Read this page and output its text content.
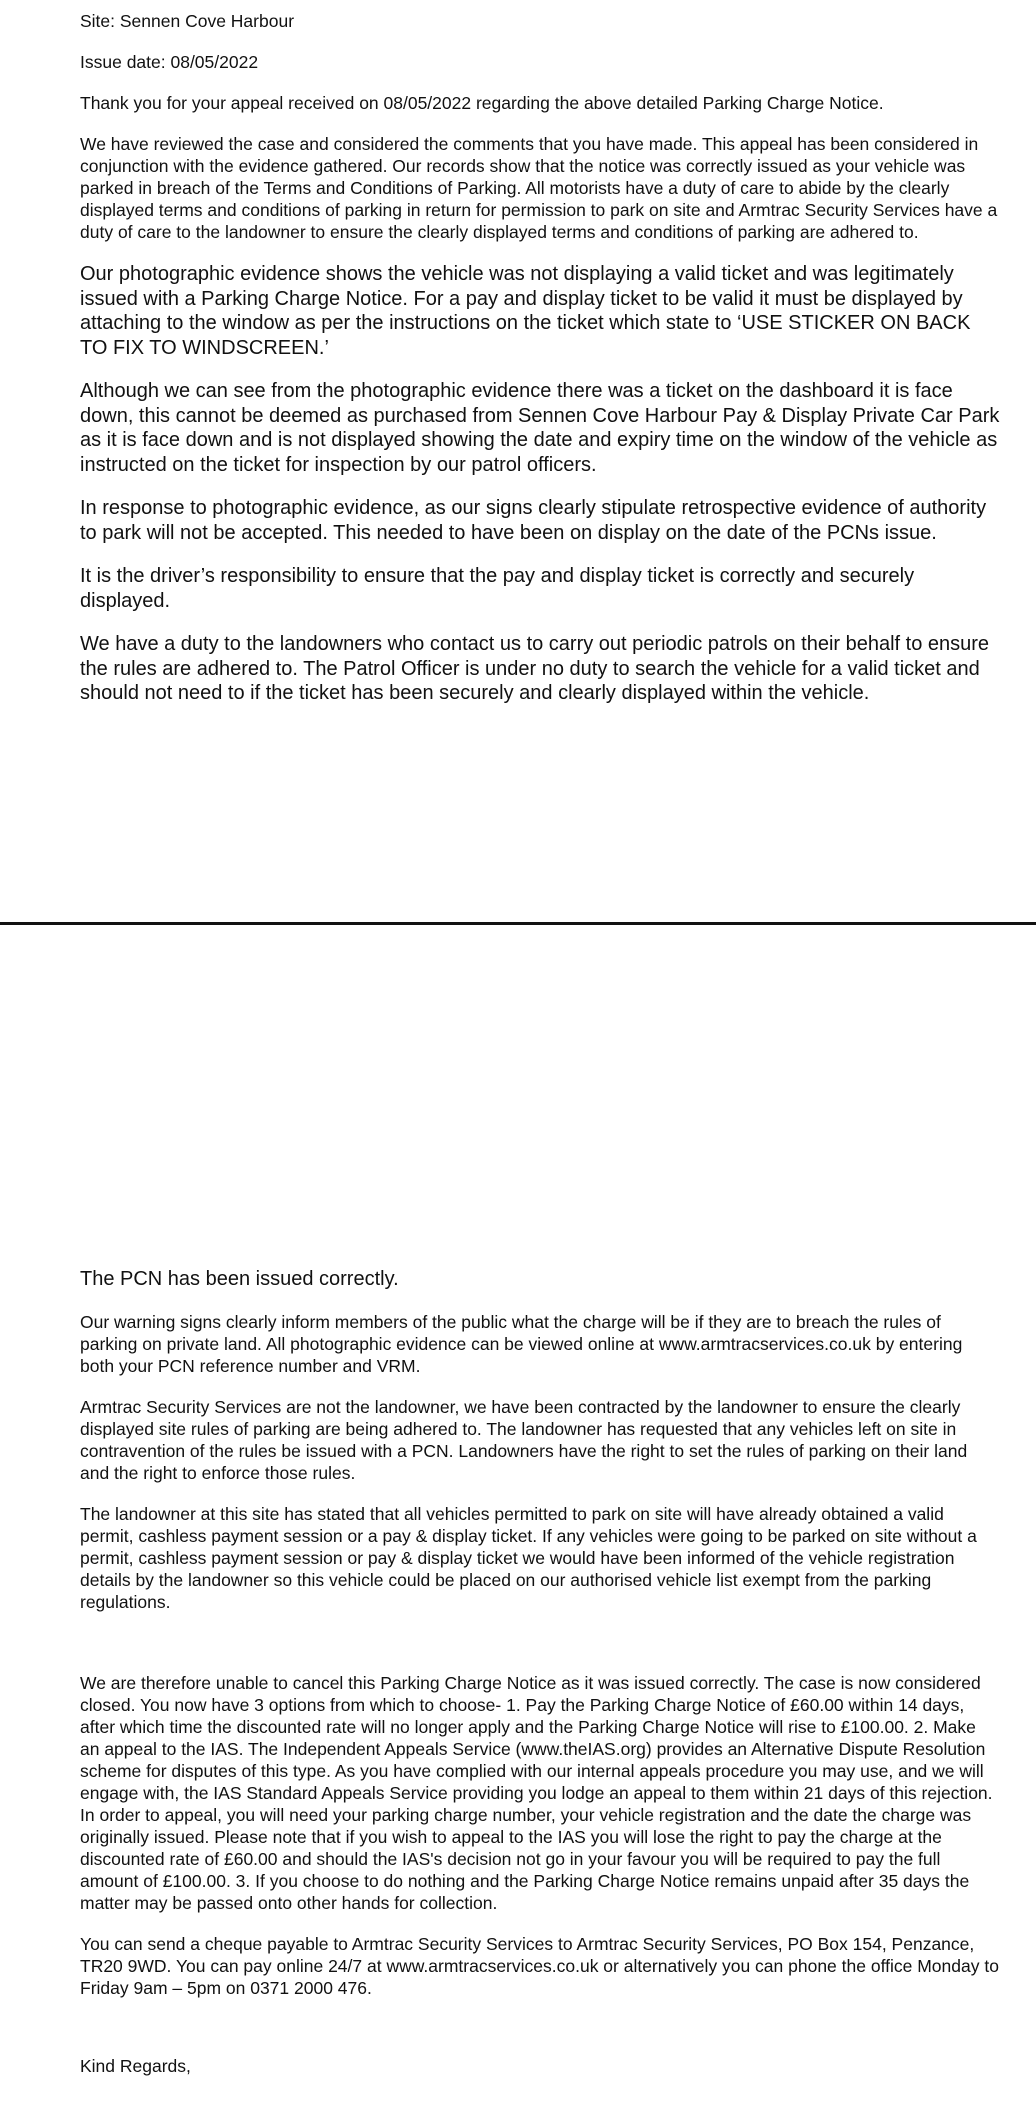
Site: Sennen Cove Harbour

Issue date: 08/05/2022

Thank you for your appeal received on 08/05/2022 regarding the above detailed Parking Charge Notice.

We have reviewed the case and considered the comments that you have made. This appeal has been considered in conjunction with the evidence gathered. Our records show that the notice was correctly issued as your vehicle was parked in breach of the Terms and Conditions of Parking. All motorists have a duty of care to abide by the clearly displayed terms and conditions of parking in return for permission to park on site and Armtrac Security Services have a duty of care to the landowner to ensure the clearly displayed terms and conditions of parking are adhered to.

Our photographic evidence shows the vehicle was not displaying a valid ticket and was legitimately issued with a Parking Charge Notice. For a pay and display ticket to be valid it must be displayed by attaching to the window as per the instructions on the ticket which state to ‘USE STICKER ON BACK TO FIX TO WINDSCREEN.’

Although we can see from the photographic evidence there was a ticket on the dashboard it is face down, this cannot be deemed as purchased from Sennen Cove Harbour Pay & Display Private Car Park as it is face down and is not displayed showing the date and expiry time on the window of the vehicle as instructed on the ticket for inspection by our patrol officers.

In response to photographic evidence, as our signs clearly stipulate retrospective evidence of authority to park will not be accepted. This needed to have been on display on the date of the PCNs issue.

It is the driver’s responsibility to ensure that the pay and display ticket is correctly and securely displayed.

We have a duty to the landowners who contact us to carry out periodic patrols on their behalf to ensure the rules are adhered to. The Patrol Officer is under no duty to search the vehicle for a valid ticket and should not need to if the ticket has been securely and clearly displayed within the vehicle.

The PCN has been issued correctly.

Our warning signs clearly inform members of the public what the charge will be if they are to breach the rules of parking on private land. All photographic evidence can be viewed online at www.armtracservices.co.uk by entering both your PCN reference number and VRM.

Armtrac Security Services are not the landowner, we have been contracted by the landowner to ensure the clearly displayed site rules of parking are being adhered to. The landowner has requested that any vehicles left on site in contravention of the rules be issued with a PCN. Landowners have the right to set the rules of parking on their land and the right to enforce those rules.

The landowner at this site has stated that all vehicles permitted to park on site will have already obtained a valid permit, cashless payment session or a pay & display ticket. If any vehicles were going to be parked on site without a permit, cashless payment session or pay & display ticket we would have been informed of the vehicle registration details by the landowner so this vehicle could be placed on our authorised vehicle list exempt from the parking regulations.

We are therefore unable to cancel this Parking Charge Notice as it was issued correctly. The case is now considered closed. You now have 3 options from which to choose- 1. Pay the Parking Charge Notice of £60.00 within 14 days, after which time the discounted rate will no longer apply and the Parking Charge Notice will rise to £100.00. 2. Make an appeal to the IAS. The Independent Appeals Service (www.theIAS.org) provides an Alternative Dispute Resolution scheme for disputes of this type. As you have complied with our internal appeals procedure you may use, and we will engage with, the IAS Standard Appeals Service providing you lodge an appeal to them within 21 days of this rejection. In order to appeal, you will need your parking charge number, your vehicle registration and the date the charge was originally issued. Please note that if you wish to appeal to the IAS you will lose the right to pay the charge at the discounted rate of £60.00 and should the IAS's decision not go in your favour you will be required to pay the full amount of £100.00. 3. If you choose to do nothing and the Parking Charge Notice remains unpaid after 35 days the matter may be passed onto other hands for collection.

You can send a cheque payable to Armtrac Security Services to Armtrac Security Services, PO Box 154, Penzance, TR20 9WD. You can pay online 24/7 at www.armtracservices.co.uk or alternatively you can phone the office Monday to Friday 9am – 5pm on 0371 2000 476.

Kind Regards,
